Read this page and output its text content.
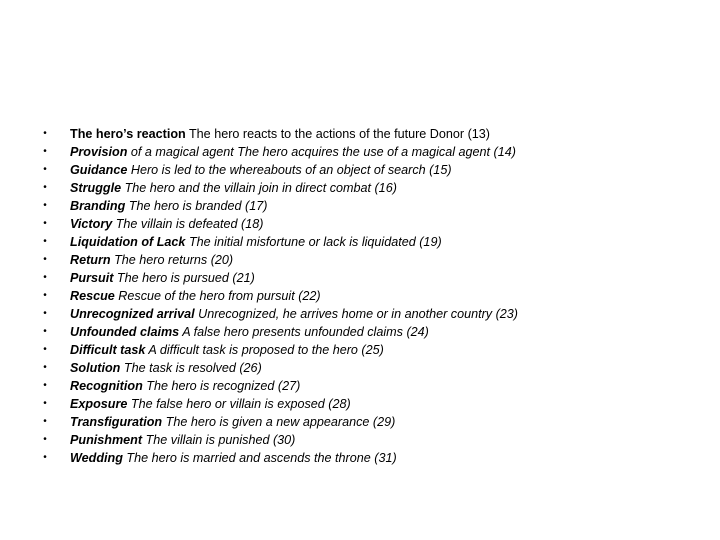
• The hero’s reaction The hero reacts to the actions of the future Donor (13)
• Provision of a magical agent The hero acquires the use of a magical agent (14)
• Guidance Hero is led to the whereabouts of an object of search (15)
• Struggle The hero and the villain join in direct combat (16)
• Branding The hero is branded (17)
• Victory The villain is defeated (18)
• Liquidation of Lack The initial misfortune or lack is liquidated (19)
• Return The hero returns (20)
• Pursuit The hero is pursued (21)
• Rescue Rescue of the hero from pursuit (22)
• Unrecognized arrival Unrecognized, he arrives home or in another country (23)
• Unfounded claims A false hero presents unfounded claims (24)
• Difficult task A difficult task is proposed to the hero (25)
• Solution The task is resolved (26)
• Recognition The hero is recognized (27)
• Exposure The false hero or villain is exposed (28)
• Transfiguration The hero is given a new appearance (29)
• Punishment The villain is punished (30)
• Wedding The hero is married and ascends the throne (31)
